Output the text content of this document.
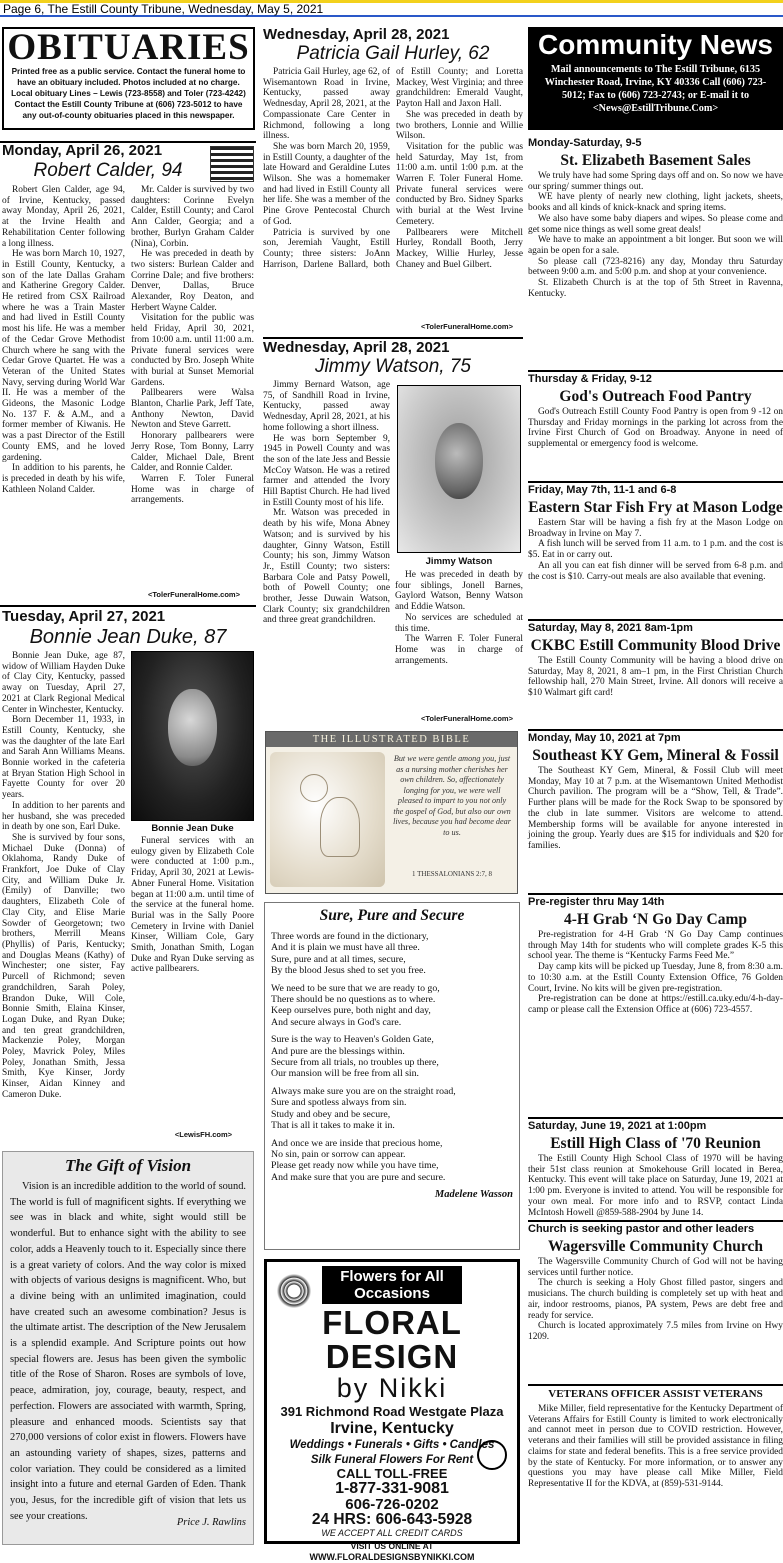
Page 6, The Estill County Tribune, Wednesday, May 5, 2021
OBITUARIES
Printed free as a public service. Contact the funeral home to have an obituary included. Photos included at no charge. Local obituary Lines – Lewis (723-8558) and Toler (723-4242) Contact the Estill County Tribune at (606) 723-5012 to have any out-of-county obituaries placed in this newspaper.
Monday, April 26, 2021
Robert Calder, 94

Robert Glen Calder, age 94, of Irvine, Kentucky, passed away Monday, April 26, 2021, at the Irvine Health and Rehabilitation Center following a long illness.

He was born March 10, 1927, in Estill County, Kentucky, a son of the late Dallas Graham and Katherine Gregory Calder. He retired from CSX Railroad where he was a Train Master and had lived in Estill County most his life. He was a member of the Cedar Grove Methodist Church where he sang with the Cedar Grove Quartet. He was a Veteran of the United States Navy, serving during World War II. He was a member of the Gideons, the Masonic Lodge No. 137 F. & A.M., and a former member of Kiwanis. He was a past Director of the Estill County EMS, and he loved gardening.

In addition to his parents, he is preceded in death by his wife, Kathleen Noland Calder.

Mr. Calder is survived by two daughters: Corinne Evelyn Calder, Estill County; and Carol Ann Calder, Georgia; and a brother, Burlyn Graham Calder (Nina), Corbin.

He was preceded in death by two sisters: Burlean Calder and Corrine Dale; and five brothers: Denver, Dallas, Bruce Alexander, Roy Deaton, and Herbert Wayne Calder.

Visitation for the public was held Friday, April 30, 2021, from 10:00 a.m. until 11:00 a.m. Private funeral services were conducted by Bro. Joseph White with burial at Sunset Memorial Gardens.

Pallbearers were Walsa Blanton, Charlie Park, Jeff Tate, Anthony Newton, David Newton and Steve Garrett.

Honorary pallbearers were Jerry Rose, Tom Bonny, Larry Calder, Michael Dale, Brent Calder, and Ronnie Calder.

Warren F. Toler Funeral Home was in charge of arrangements.

<TolerFuneralHome.com>
Tuesday, April 27, 2021
Bonnie Jean Duke, 87

Bonnie Jean Duke, age 87, widow of William Hayden Duke of Clay City, Kentucky, passed away on Tuesday, April 27, 2021 at Clark Regional Medical Center in Winchester, Kentucky.

Born December 11, 1933, in Estill County, Kentucky, she was the daughter of the late Earl and Sarah Ann Williams Means. Bonnie worked in the cafeteria at Bryan Station High School in Fayette County for over 20 years.

In addition to her parents and her husband, she was preceded in death by one son, Earl Duke.

She is survived by four sons, Michael Duke (Donna) of Oklahoma, Randy Duke of Frankfort, Joe Duke of Clay City, and William Duke Jr. (Emily) of Danville; two daughters, Elizabeth Cole of Clay City, and Elise Marie Sowder of Georgetown; two brothers, Merrill Means (Phyllis) of Paris, Kentucky; and Douglas Means (Kathy) of Winchester; one sister, Fay Purcell of Richmond; seven grandchildren, Sarah Poley, Brandon Duke, Will Cole, Bonnie Smith, Elaina Kinser, Logan Duke, and Ryan Duke; and ten great grandchildren, Mackenzie Poley, Morgan Poley, Mavrick Poley, Miles Poley, Jonathan Smith, Jessa Smith, Kye Kinser, Jordy Kinser, Aidan Kinney and Cameron Duke.

Bonnie Jean Duke

Funeral services with an eulogy given by Elizabeth Cole were conducted at 1:00 p.m., Friday, April 30, 2021 at Lewis-Abner Funeral Home. Visitation began at 11:00 a.m. until time of the service at the funeral home. Burial was in the Sally Poore Cemetery in Irvine with Daniel Kinser, William Cole, Gary Smith, Jonathan Smith, Logan Duke and Ryan Duke serving as active pallbearers.

<LewisFH.com>
The Gift of Vision
Vision is an incredible addition to the world of sound. The world is full of magnificent sights. If everything we see was in black and white, sight would still be wonderful. But to enhance sight with the ability to see color, adds a Heavenly touch to it. Especially since there is a great variety of colors. And the way color is mixed with objects of various designs is magnificent. Who, but a divine being with an unlimited imagination, could have created such an awesome combination? Jesus is the ultimate artist. The description of the New Jerusalem is a splendid example. And Scripture points out how special flowers are. Jesus has been given the symbolic title of the Rose of Sharon. Roses are symbols of love, peace, admiration, joy, courage, beauty, respect, and perfection. Flowers are associated with warmth, Spring, pleasure and enhanced moods. Scientists say that 270,000 versions of color exist in flowers. Flowers have an astounding variety of shapes, sizes, patterns and color variation. They could be considered as a limited insight into a future and eternal Garden of Eden. Thank you, Jesus, for the incredible gift of vision that lets us see your creations.
Price J. Rawlins
Wednesday, April 28, 2021
Patricia Gail Hurley, 62

Patricia Gail Hurley, age 62, of Wisemantown Road in Irvine, Kentucky, passed away Wednesday, April 28, 2021, at the Compassionate Care Center in Richmond, following a long illness.

She was born March 20, 1959, in Estill County, a daughter of the late Howard and Geraldine Lutes Wilson. She was a homemaker and had lived in Estill County all her life. She was a member of the Pine Grove Pentecostal Church of God.

Patricia is survived by one son, Jeremiah Vaught, Estill County; three sisters: JoAnn Harrison, Darlene Ballard, both of Estill County; and Loretta Mackey, West Virginia; and three grandchildren: Emerald Vaught, Payton Hall and Jaxon Hall.

She was preceded in death by two brothers, Lonnie and Willie Wilson.

Visitation for the public was held Saturday, May 1st, from 11:00 a.m. until 1:00 p.m. at the Warren F. Toler Funeral Home. Private funeral services were conducted by Bro. Sidney Sparks with burial at the West Irvine Cemetery.

Pallbearers were Mitchell Hurley, Rondall Booth, Jerry Mackey, Willie Hurley, Jesse Chaney and Buel Gilbert.

<TolerFuneralHome.com>
Wednesday, April 28, 2021
Jimmy Watson, 75

Jimmy Bernard Watson, age 75, of Sandhill Road in Irvine, Kentucky, passed away Wednesday, April 28, 2021, at his home following a short illness.

He was born September 9, 1945 in Powell County and was the son of the late Jess and Bessie McCoy Watson. He was a retired farmer and attended the Ivory Hill Baptist Church. He had lived in Estill County most of his life.

Mr. Watson was preceded in death by his wife, Mona Abney Watson; and is survived by his daughter, Ginny Watson, Estill County; his son, Jimmy Watson Jr., Estill County; two sisters: Barbara Cole and Patsy Powell, both of Powell County; one brother, Jesse Duwain Watson, Clark County; six grandchildren and three great grandchildren.

Jimmy Watson

He was preceded in death by four siblings, Jonell Barnes, Gaylord Watson, Benny Watson and Eddie Watson.

No services are scheduled at this time.

The Warren F. Toler Funeral Home was in charge of arrangements.

<TolerFuneralHome.com>
THE ILLUSTRATED BIBLE
But we were gentle among you, just as a nursing mother cherishes her own children. So, affectionately longing for you, we were well pleased to impart to you not only the gospel of God, but also our own lives, because you had become dear to us.
1 THESSALONIANS 2:7, 8
Sure, Pure and Secure
Three words are found in the dictionary,
And it is plain we must have all three.
Sure, pure and at all times, secure,
By the blood Jesus shed to set you free.
We need to be sure that we are ready to go,
There should be no questions as to where.
Keep ourselves pure, both night and day,
And secure always in God's care.
Sure is the way to Heaven's Golden Gate,
And pure are the blessings within.
Secure from all trials, no troubles up there,
Our mansion will be free from all sin.
Always make sure you are on the straight road,
Sure and spotless always from sin.
Study and obey and be secure,
That is all it takes to make it in.
And once we are inside that precious home,
No sin, pain or sorrow can appear.
Please get ready now while you have time,
And make sure that you are pure and secure.
Madelene Wasson
Flowers for All Occasions
FLORAL DESIGN
by Nikki
391 Richmond Road Westgate Plaza
Irvine, Kentucky
Weddings • Funerals • Gifts • Candles
Silk Funeral Flowers For Rent
CALL TOLL-FREE
1-877-331-9081
606-726-0202
24 HRS: 606-643-5928
WE ACCEPT ALL CREDIT CARDS
VISIT US ONLINE AT
WWW.FLORALDESIGNSBYNIKKI.COM
Community News
Mail announcements to The Estill Tribune, 6135 Winchester Road, Irvine, KY 40336 Call (606) 723-5012; Fax to (606) 723-2743; or E-mail it to <News@EstillTribune.Com>
Monday-Saturday, 9-5
St. Elizabeth Basement Sales

We truly have had some Spring days off and on. So now we have our spring/ summer things out.

WE have plenty of nearly new clothing, light jackets, sheets, books and all kinds of knick-knack and spring items.

We also have some baby diapers and wipes. So please come and get some nice things as well some great deals!

We have to make an appointment a bit longer. But soon we will again be open for a sale.

So please call (723-8216) any day, Monday thru Saturday between 9:00 a.m. and 5:00 p.m. and shop at your convenience.

St. Elizabeth Church is at the top of 5th Street in Ravenna, Kentucky.

Thursday & Friday, 9-12
God's Outreach Food Pantry

God's Outreach Estill County Food Pantry is open from 9 -12 on Thursday and Friday mornings in the parking lot across from the Irvine First Church of God on Broadway. Anyone in need of supplemental or emergency food is welcome.

Friday, May 7th, 11-1 and 6-8
Eastern Star Fish Fry at Mason Lodge

Eastern Star will be having a fish fry at the Mason Lodge on Broadway in Irvine on May 7.

A fish lunch will be served from 11 a.m. to 1 p.m. and the cost is $5. Eat in or carry out.

An all you can eat fish dinner will be served from 6-8 p.m. and the cost is $10. Carry-out meals are also available that evening.

Saturday, May 8, 2021 8am-1pm
CKBC Estill Community Blood Drive

The Estill County Community will be having a blood drive on Saturday, May 8, 2021, 8 am–1 pm, in the First Christian Church fellowship hall, 270 Main Street, Irvine. All donors will receive a $10 Walmart gift card!

Monday, May 10, 2021 at 7pm
Southeast KY Gem, Mineral & Fossil

The Southeast KY Gem, Mineral, & Fossil Club will meet Monday, May 10 at 7 p.m. at the Wisemantown United Methodist Church pavilion. The program will be a “Show, Tell, & Trade”. Further plans will be made for the Rock Swap to be sponsored by the club in late summer. Visitors are welcome to attend. Membership forms will be available for anyone interested in joining the group. Yearly dues are $15 for individuals and $20 for families.

Pre-register thru May 14th
4-H Grab ‘N Go Day Camp

Pre-registration for 4-H Grab ‘N Go Day Camp continues through May 14th for students who will complete grades K-5 this school year. The theme is “Kentucky Farms Feed Me.”

Day camp kits will be picked up Tuesday, June 8, from 8:30 a.m. to 10:30 a.m. at the Estill County Extension Office, 76 Golden Court, Irvine. No kits will be given pre-registration.

Pre-registration can be done at https://estill.ca.uky.edu/4-h-day-camp or please call the Extension Office at (606) 723-4557.

Saturday, June 19, 2021 at 1:00pm
Estill High Class of '70 Reunion

The Estill County High School Class of 1970 will be having their 51st class reunion at Smokehouse Grill located in Berea, Kentucky. This event will take place on Saturday, June 19, 2021 at 1:00 pm. Everyone is invited to attend. You will be responsible for your own meal. For more info and to RSVP, contact Linda McIntosh Howell @859-588-2904 by June 14.

Church is seeking pastor and other leaders
Wagersville Community Church

The Wagersville Community Church of God will not be having services until further notice.

The church is seeking a Holy Ghost filled pastor, singers and musicians. The church building is completely set up with heat and air, indoor restrooms, pianos, PA system, Pews are debt free and ready for service.

Church is located approximately 7.5 miles from Irvine on Hwy 1209.

VETERANS OFFICER ASSIST VETERANS

Mike Miller, field representative for the Kentucky Department of Veterans Affairs for Estill County is limited to work electronically and cannot meet in person due to COVID restriction. However, veterans and their families will still be provided assistance in filing claims for state and federal benefits. This is a free service provided by the state of Kentucky. For more information, or to answer any questions you may have please call Mike Miller, Field Representative II for the KDVA, at (859)-531-9144.
